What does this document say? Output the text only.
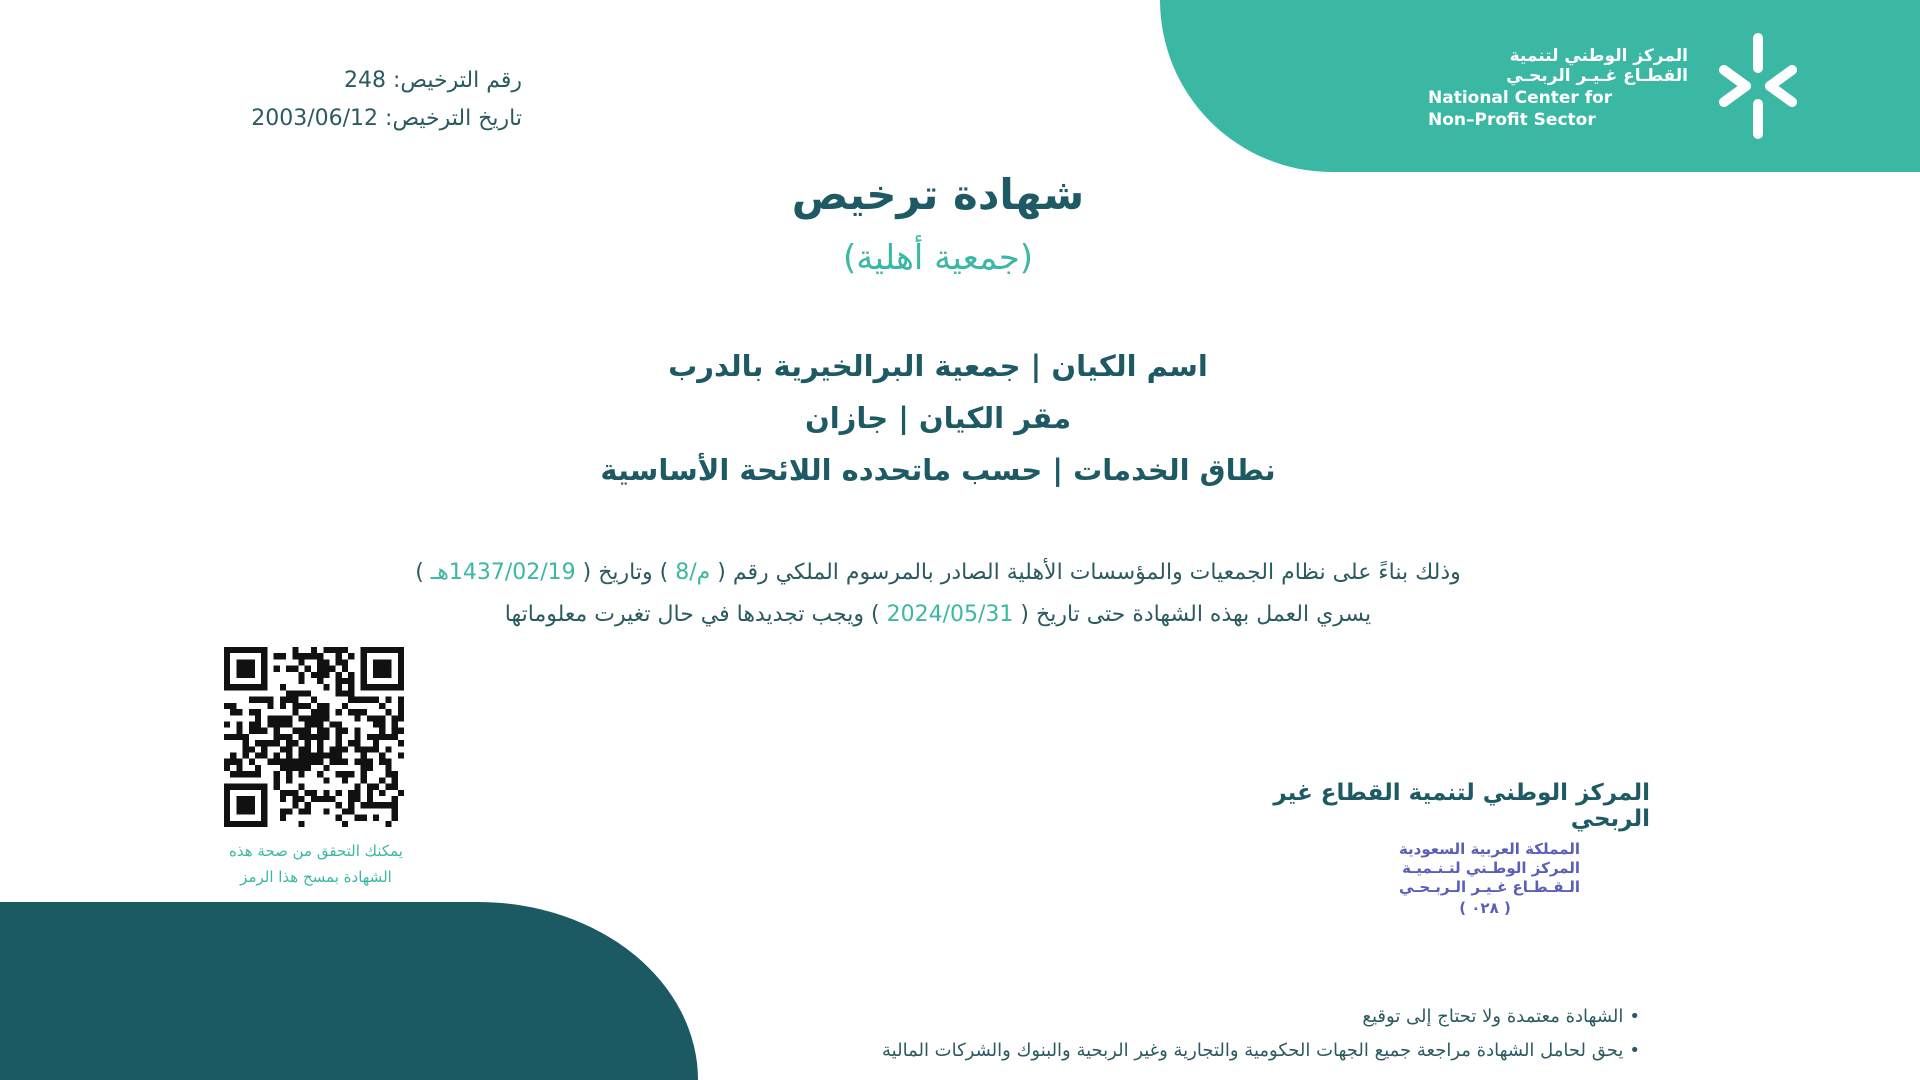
المركز الوطني لتنمية
القطـاع غـيـر الربحـي
National Center for
Non–Profit Sector
رقم الترخيص: 248
تاريخ الترخيص: 2003/06/12
شهادة ترخيص
(جمعية أهلية)
اسم الكيان | جمعية البرالخيرية بالدرب
مقر الكيان | جازان
نطاق الخدمات | حسب ماتحدده اللائحة الأساسية
وذلك بناءً على نظام الجمعيات والمؤسسات الأهلية الصادر بالمرسوم الملكي رقم ( م/8 ) وتاريخ ( 1437/02/19هـ )
يسري العمل بهذه الشهادة حتى تاريخ ( 2024/05/31 ) ويجب تجديدها في حال تغيرت معلوماتها
يمكنك التحقق من صحة هذه
الشهادة بمسح هذا الرمز
المركز الوطني لتنمية القطاع غير الربحي
المملكة العربية السعودية
المركز الوطـني لتـنـميـة
الـقـطـاع غـيـر الـربـحـي
( ٠٢٨ )
•الشهادة معتمدة ولا تحتاج إلى توقيع
•يحق لحامل الشهادة مراجعة جميع الجهات الحكومية والتجارية وغير الربحية والبنوك والشركات المالية
